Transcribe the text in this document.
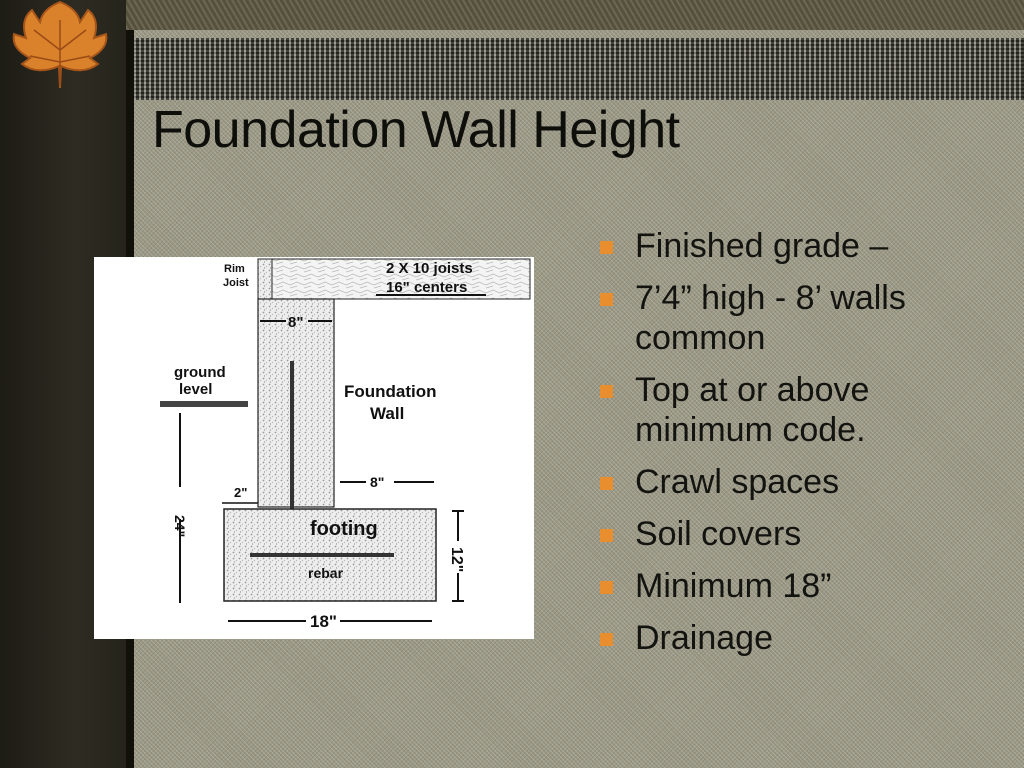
Foundation Wall Height
Rim
Joist
2 X 10 joists
16" centers
8"
ground
level	Foundation
Wall
8"
2"
24"	footing
rebar
12"
18"
Finished grade –
7’4” high - 8’ walls common
Top at or above minimum code.
Crawl spaces
Soil covers
Minimum 18”
Drainage
